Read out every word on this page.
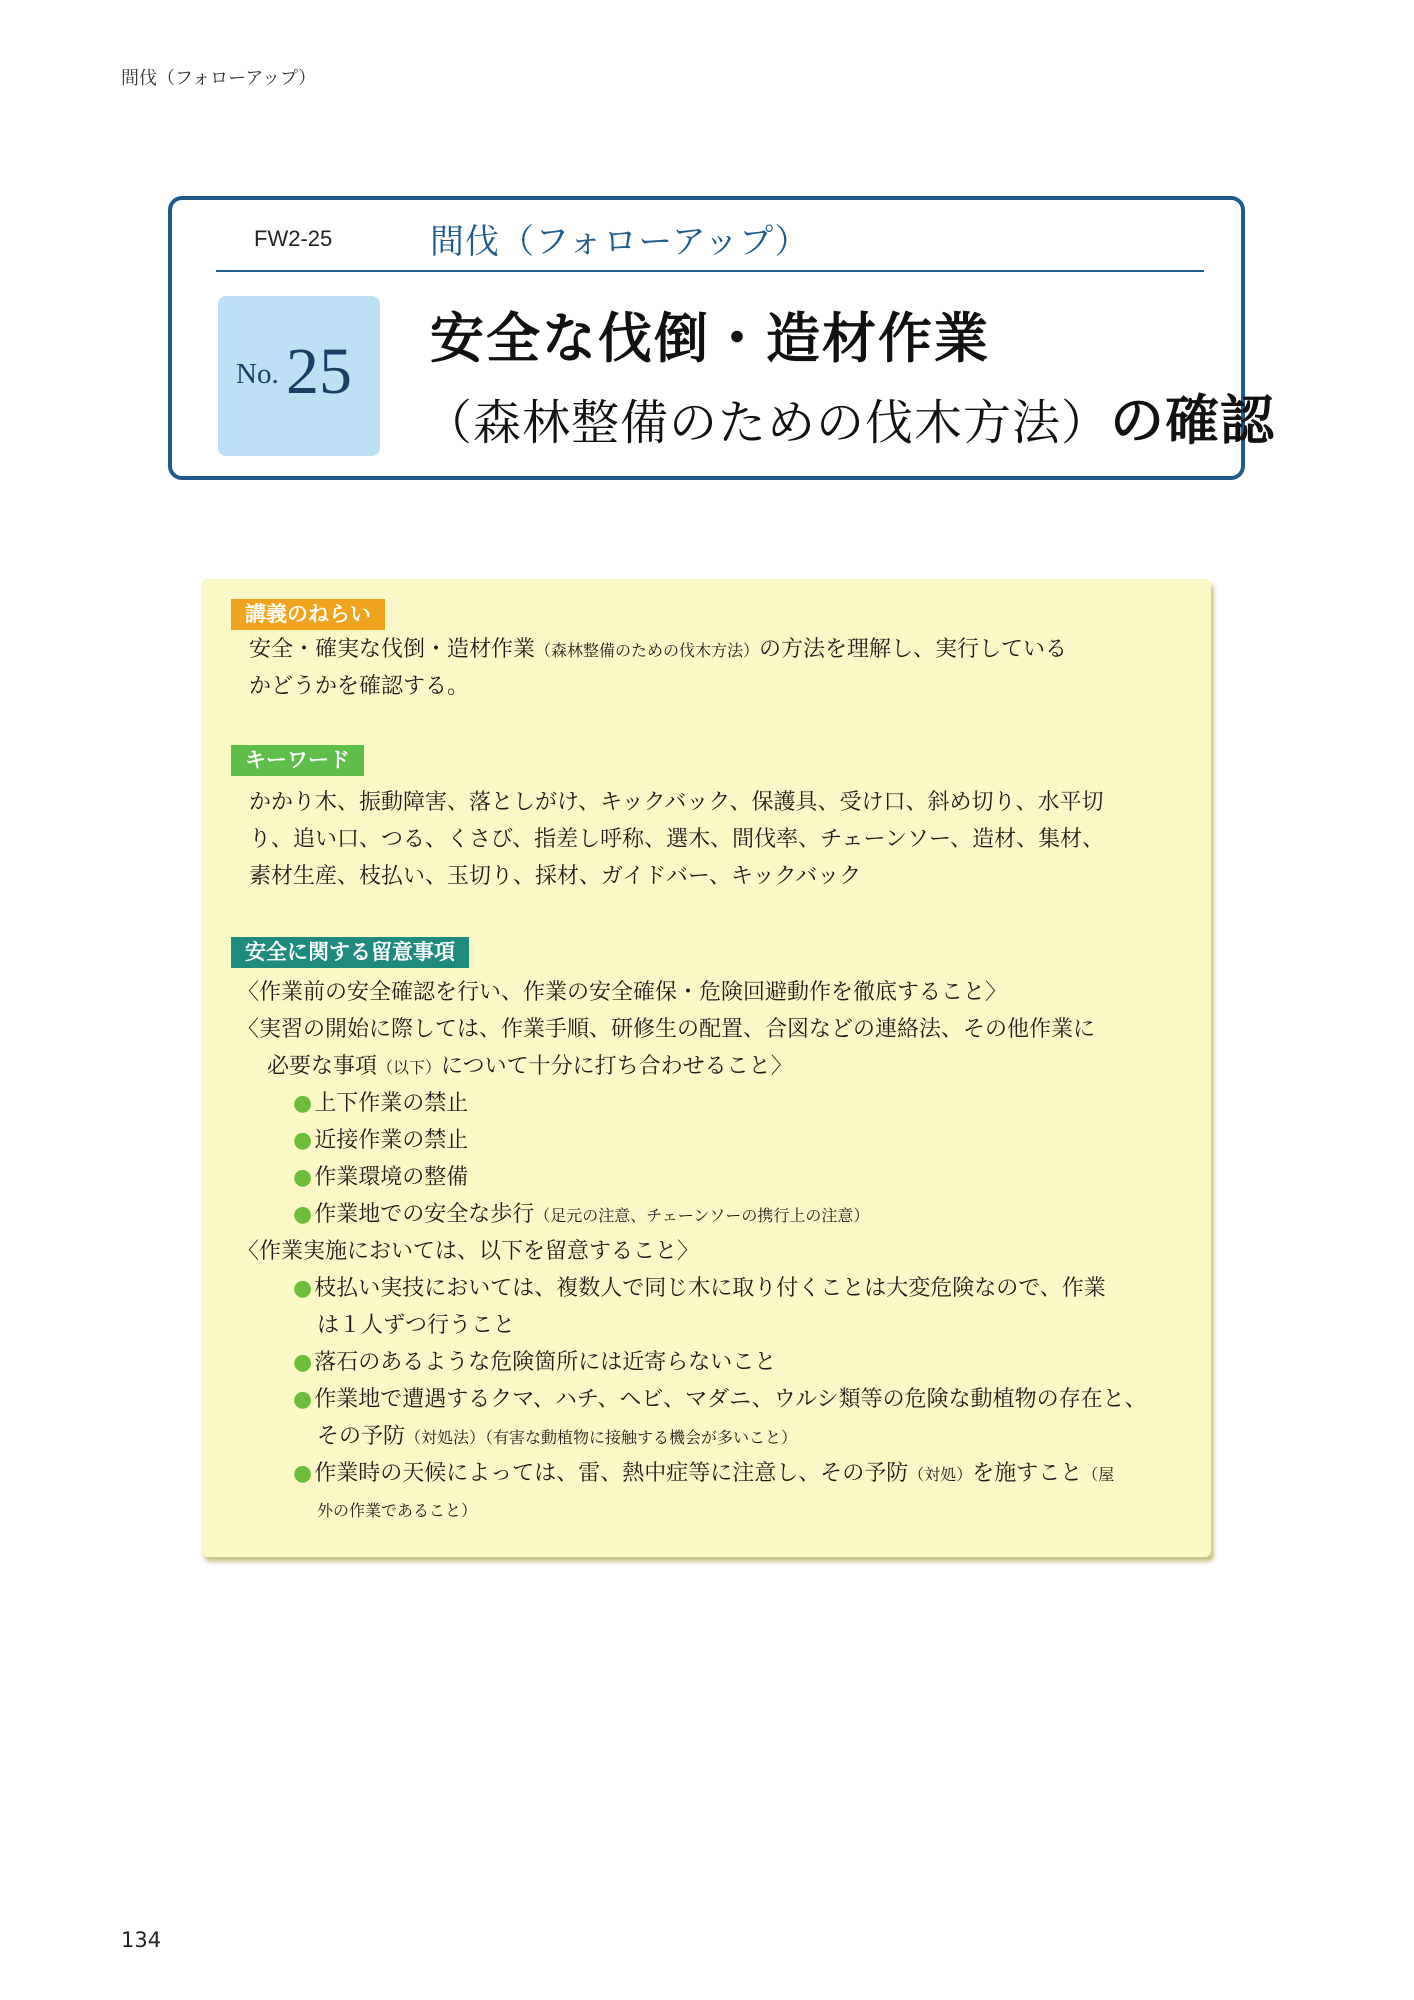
間伐（フォローアップ）
FW2-25	間伐（フォローアップ）
No. 25 安全な伐倒・造材作業
（森林整備のための伐木方法）の確認
講義のねらい
安全・確実な伐倒・造材作業（森林整備のための伐木方法）の方法を理解し、実行している
かどうかを確認する。
キーワード
かかり木、振動障害、落としがけ、キックバック、保護具、受け口、斜め切り、水平切
り、追い口、つる、くさび、指差し呼称、選木、間伐率、チェーンソー、造材、集材、
素材生産、枝払い、玉切り、採材、ガイドバー、キックバック
安全に関する留意事項
〈作業前の安全確認を行い、作業の安全確保・危険回避動作を徹底すること〉
〈実習の開始に際しては、作業手順、研修生の配置、合図などの連絡法、その他作業に
必要な事項（以下）について十分に打ち合わせること〉
●上下作業の禁止
●近接作業の禁止
●作業環境の整備
●作業地での安全な歩行（足元の注意、チェーンソーの携行上の注意）
〈作業実施においては、以下を留意すること〉
●枝払い実技においては、複数人で同じ木に取り付くことは大変危険なので、作業
は１人ずつ行うこと
●落石のあるような危険箇所には近寄らないこと
●作業地で遭遇するクマ、ハチ、ヘビ、マダニ、ウルシ類等の危険な動植物の存在と、
その予防（対処法）（有害な動植物に接触する機会が多いこと）
●作業時の天候によっては、雷、熱中症等に注意し、その予防（対処）を施すこと（屋
外の作業であること）
134
